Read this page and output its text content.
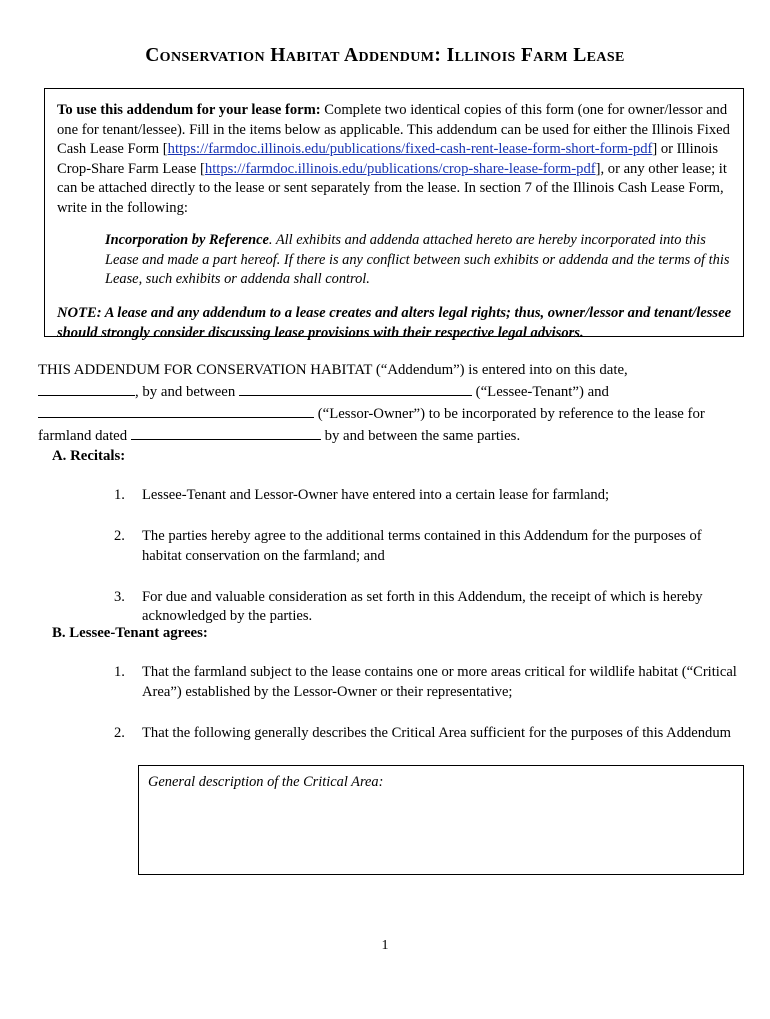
Conservation Habitat Addendum: Illinois Farm Lease

To use this addendum for your lease form: Complete two identical copies of this form (one for owner/lessor and one for tenant/lessee). Fill in the items below as applicable. This addendum can be used for either the Illinois Fixed Cash Lease Form [https://farmdoc.illinois.edu/publications/fixed-cash-rent-lease-form-short-form-pdf] or Illinois Crop-Share Farm Lease [https://farmdoc.illinois.edu/publications/crop-share-lease-form-pdf], or any other lease; it can be attached directly to the lease or sent separately from the lease. In section 7 of the Illinois Cash Lease Form, write in the following:

Incorporation by Reference. All exhibits and addenda attached hereto are hereby incorporated into this Lease and made a part hereof. If there is any conflict between such exhibits or addenda and the terms of this Lease, such exhibits or addenda shall control.

NOTE: A lease and any addendum to a lease creates and alters legal rights; thus, owner/lessor and tenant/lessee should strongly consider discussing lease provisions with their respective legal advisors.

THIS ADDENDUM FOR CONSERVATION HABITAT (“Addendum”) is entered into on this date,
, by and between	(“Lessee-Tenant”) and
(“Lessor-Owner”) to be incorporated by reference to the lease for farmland dated	by and between the same parties.
A. Recitals:
1.	Lessee-Tenant and Lessor-Owner have entered into a certain lease for farmland;
2.	The parties hereby agree to the additional terms contained in this Addendum for the purposes of habitat conservation on the farmland; and
3.	For due and valuable consideration as set forth in this Addendum, the receipt of which is hereby acknowledged by the parties.
B. Lessee-Tenant agrees:
1.	That the farmland subject to the lease contains one or more areas critical for wildlife habitat (“Critical Area”) established by the Lessor-Owner or their representative;
2.	That the following generally describes the Critical Area sufficient for the purposes of this Addendum
General description of the Critical Area:
1
